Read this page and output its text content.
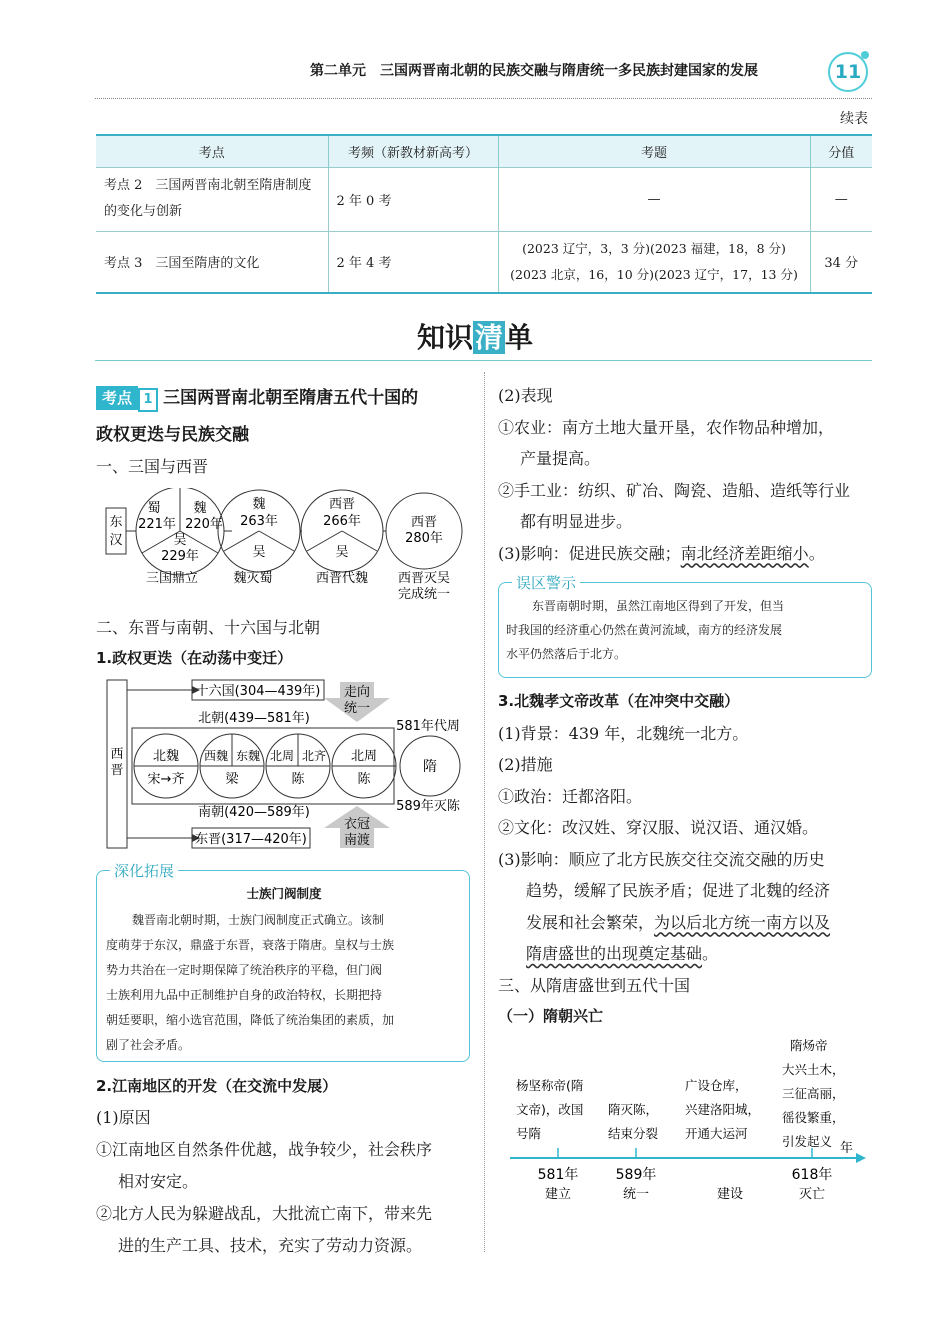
第二单元 三国两晋南北朝的民族交融与隋唐统一多民族封建国家的发展	11
续表
考点	考频（新教材新高考）	考题	分值
考点 2　三国两晋南北朝至隋唐制度的变化与创新	2 年 0 考	—	—
考点 3　三国至隋唐的文化	2 年 4 考	(2023 辽宁，3，3 分)(2023 福建，18，8 分)
(2023 北京，16，10 分)(2023 辽宁，17，13 分)	34 分
知识清单
考点 1 三国两晋南北朝至隋唐五代十国的
政权更迭与民族交融
一、三国与西晋
东
汉
蜀	魏
221年 220年
吴
229年
魏
263年
吴
西晋
266年
吴
西晋
280年
三国鼎立	魏灭蜀	西晋代魏 西晋灭吴
完成统一
二、东晋与南朝、十六国与北朝
1.政权更迭（在动荡中变迁）
西
晋
十六国(304—439年)
东晋(317—420年)
北朝(439—581年)
南朝(420—589年)
走向
统一
衣冠
南渡
北魏
宋→齐
西魏 东魏
梁
北周 北齐
陈
北周
陈
隋
581年代周
589年灭陈
深化拓展
士族门阀制度
魏晋南北朝时期，士族门阀制度正式确立。该制
度萌芽于东汉，鼎盛于东晋，衰落于隋唐。皇权与士族
势力共治在一定时期保障了统治秩序的平稳，但门阀
士族利用九品中正制维护自身的政治特权，长期把持
朝廷要职，缩小选官范围，降低了统治集团的素质，加
剧了社会矛盾。
2.江南地区的开发（在交流中发展）
(1)原因
①江南地区自然条件优越，战争较少，社会秩序
相对安定。
②北方人民为躲避战乱，大批流亡南下，带来先
进的生产工具、技术，充实了劳动力资源。
(2)表现
①农业：南方土地大量开垦，农作物品种增加，
产量提高。
②手工业：纺织、矿冶、陶瓷、造船、造纸等行业
都有明显进步。
(3)影响：促进民族交融；南北经济差距缩小。
误区警示
东晋南朝时期，虽然江南地区得到了开发，但当
时我国的经济重心仍然在黄河流域，南方的经济发展
水平仍然落后于北方。
3.北魏孝文帝改革（在冲突中交融）
(1)背景：439 年，北魏统一北方。
(2)措施
①政治：迁都洛阳。
②文化：改汉姓、穿汉服、说汉语、通汉婚。
(3)影响：顺应了北方民族交往交流交融的历史
趋势，缓解了民族矛盾；促进了北魏的经济
发展和社会繁荣，为以后北方统一南方以及
隋唐盛世的出现奠定基础。
三、从隋唐盛世到五代十国
（一）隋朝兴亡
杨坚称帝(隋
文帝)，改国
号隋
隋灭陈，
结束分裂
广设仓库，
兴建洛阳城，
开通大运河
隋炀帝
大兴土木，
三征高丽，
徭役繁重，
引发起义 年
581年	589年	618年
建立	统一	建设	灭亡
